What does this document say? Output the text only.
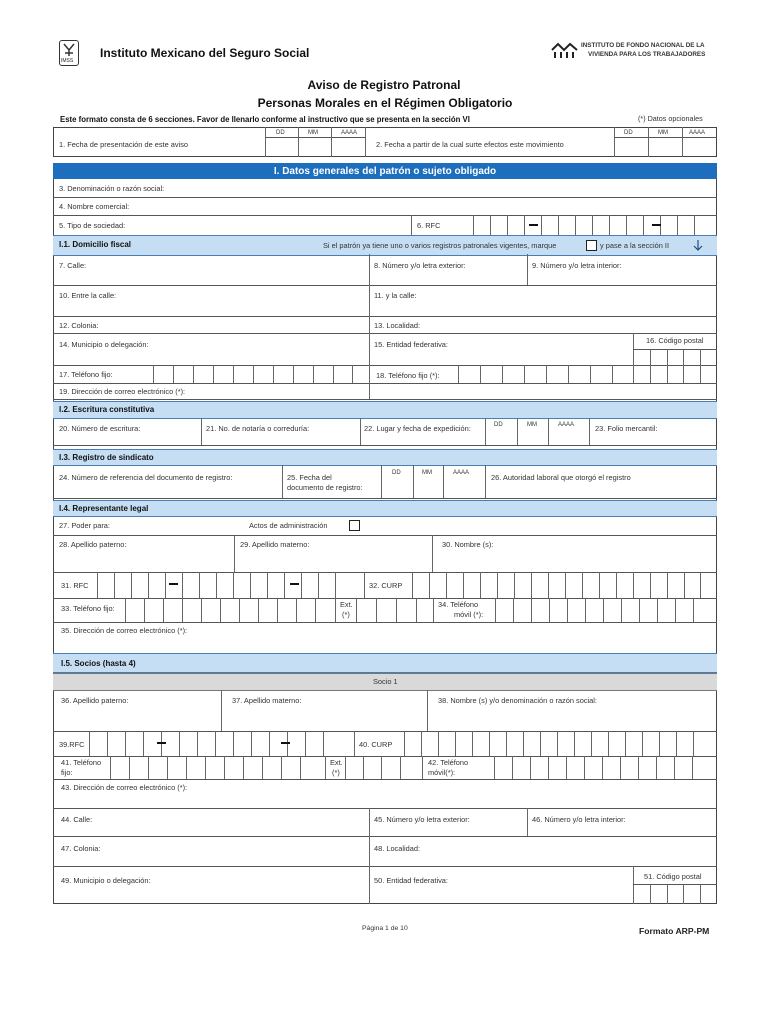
IMSS
Instituto Mexicano del Seguro Social
INSTITUTO DE FONDO NACIONAL DE LA
VIVIENDA PARA LOS TRABAJADORES
Aviso de Registro Patronal
Personas Morales en el Régimen Obligatorio
Este formato consta de 6 secciones. Favor de llenarlo conforme al instructivo que se presenta en la sección VI	(*) Datos opcionales
1. Fecha de presentación de este aviso
DD	MM	AAAA
2. Fecha a partir de la cual surte efectos este movimiento
DD	MM	AAAA
I. Datos generales del patrón o sujeto obligado
3. Denominación o razón social:
4. Nombre comercial:
5. Tipo de sociedad:	6. RFC
I.1. Domicilio fiscal	Si el patrón ya tiene uno o varios registros patronales vigentes, marque	y pase a la sección II
7. Calle:	8. Número y/o letra exterior:	9. Número y/o letra interior:
10. Entre la calle:	11. y la calle:
12. Colonia:	13. Localidad:
14. Municipio o delegación:	15. Entidad federativa:	16. Código postal
17. Teléfono fijo:	18. Teléfono fijo (*):
19. Dirección de correo electrónico (*):
I.2. Escritura constitutiva
20. Número de escritura:	21. No. de notaría o correduría:	22. Lugar y fecha de expedición:	DD	MM	AAAA	23. Folio mercantil:
I.3. Registro de sindicato
24. Número de referencia del documento de registro:	25. Fecha del
documento de registro:
DD	MM	AAAA	26. Autoridad laboral que otorgó el registro
I.4. Representante legal
27. Poder para:	Actos de administración
28. Apellido paterno:	29. Apellido materno:	30. Nombre (s):
31. RFC	32. CURP
33. Teléfono fijo:	Ext.
(*)
34. Teléfono
móvil (*):
35. Dirección de correo electrónico (*):
I.5. Socios (hasta 4)
Socio 1
36. Apellido paterno:	37. Apellido materno:	38. Nombre (s) y/o denominación o razón social:
39.RFC	40. CURP
41. Teléfono
fijo:
Ext.
(*)
42. Teléfono
móvil(*):
43. Dirección de correo electrónico (*):
44. Calle:	45. Número y/o letra exterior:	46. Número y/o letra interior:
47. Colonia:	48. Localidad:
49. Municipio o delegación:	50. Entidad federativa:	51. Código postal
Página 1 de 10	Formato ARP-PM
